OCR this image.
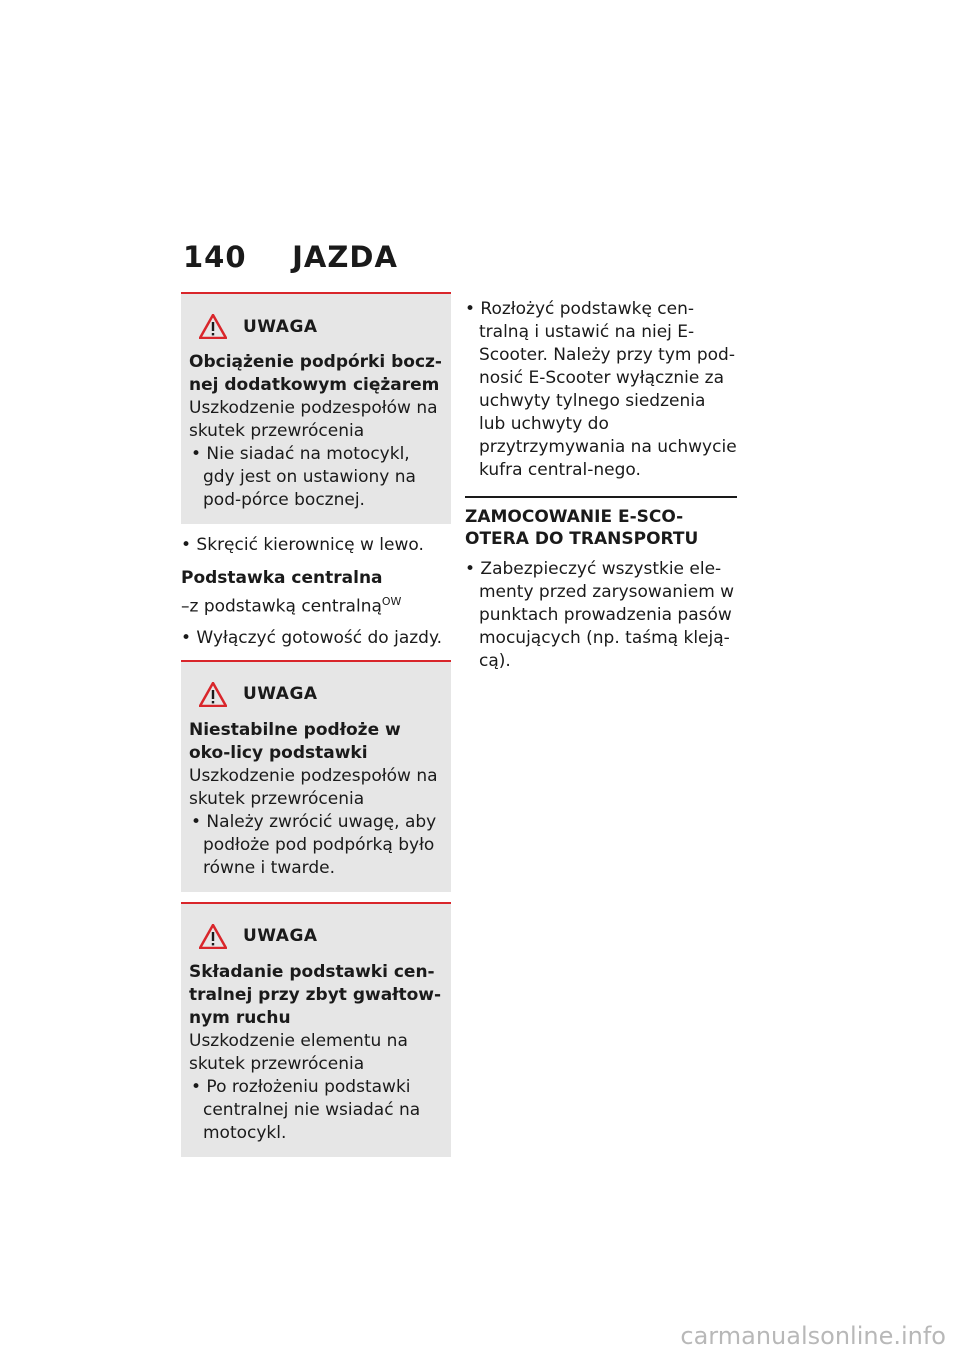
140 JAZDA
UWAGA
Obciążenie podpórki bocz-nej dodatkowym ciężarem
Uszkodzenie podzespołów na skutek przewrócenia
• Nie siadać na motocykl, gdy jest on ustawiony na pod-pórce bocznej.
• Skręcić kierownicę w lewo.
Podstawka centralna
–z podstawką centralną$^{OW}$
• Wyłączyć gotowość do jazdy.
UWAGA
Niestabilne podłoże w oko-licy podstawki
Uszkodzenie podzespołów na skutek przewrócenia
• Należy zwrócić uwagę, aby podłoże pod podpórką było równe i twarde.
UWAGA
Składanie podstawki cen-tralnej przy zbyt gwałtow-nym ruchu
Uszkodzenie elementu na skutek przewrócenia
• Po rozłożeniu podstawki centralnej nie wsiadać na motocykl.
• Rozłożyć podstawkę cen-tralną i ustawić na niej E-Scooter. Należy przy tym pod-nosić E-Scooter wyłącznie za uchwyty tylnego siedzenia lub uchwyty do przytrzymywania na uchwycie kufra central-nego.
ZAMOCOWANIE E-SCO-OTERA DO TRANSPORTU
• Zabezpieczyć wszystkie ele-menty przed zarysowaniem w punktach prowadzenia pasów mocujących (np. taśmą kleją-cą).
carmanualsonline.info
